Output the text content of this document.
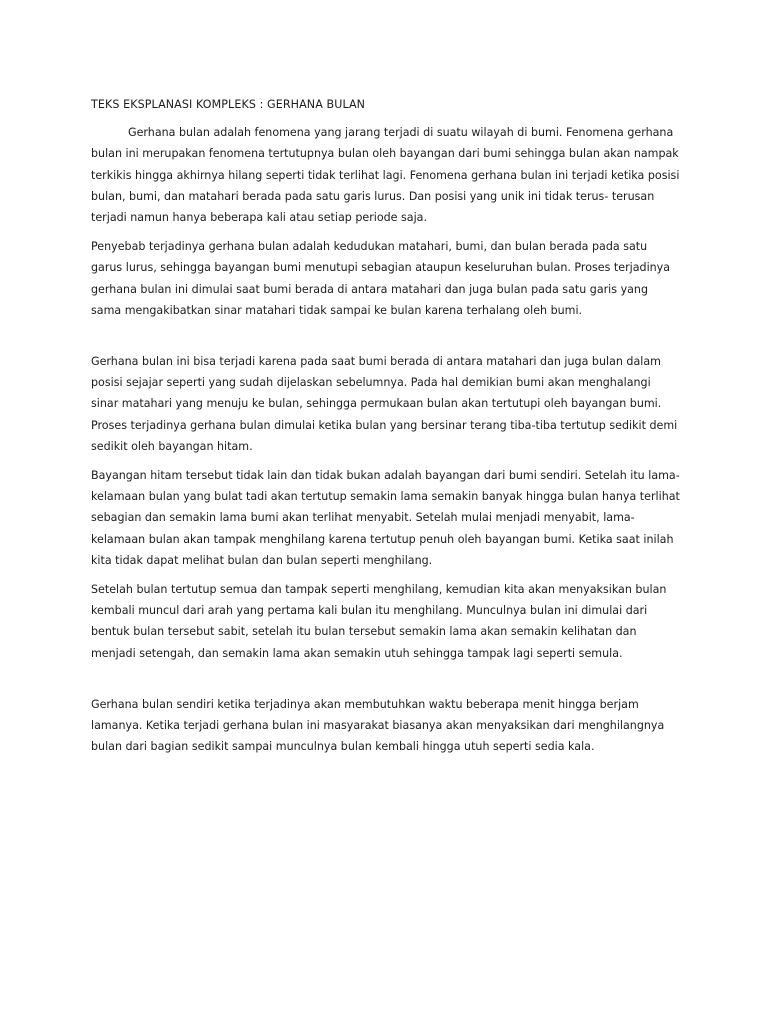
TEKS EKSPLANASI KOMPLEKS : GERHANA BULAN

Gerhana bulan adalah fenomena yang jarang terjadi di suatu wilayah di bumi. Fenomena gerhana bulan ini merupakan fenomena tertutupnya bulan oleh bayangan dari bumi sehingga bulan akan nampak terkikis hingga akhirnya hilang seperti tidak terlihat lagi. Fenomena gerhana bulan ini terjadi ketika posisi bulan, bumi, dan matahari berada pada satu garis lurus. Dan posisi yang unik ini tidak terus- terusan terjadi namun hanya beberapa kali atau setiap periode saja.

Penyebab terjadinya gerhana bulan adalah kedudukan matahari, bumi, dan bulan berada pada satu garus lurus, sehingga bayangan bumi menutupi sebagian ataupun keseluruhan bulan. Proses terjadinya gerhana bulan ini dimulai saat bumi berada di antara matahari dan juga bulan pada satu garis yang sama mengakibatkan sinar matahari tidak sampai ke bulan karena terhalang oleh bumi.

Gerhana bulan ini bisa terjadi karena pada saat bumi berada di antara matahari dan juga bulan dalam posisi sejajar seperti yang sudah dijelaskan sebelumnya. Pada hal demikian bumi akan menghalangi sinar matahari yang menuju ke bulan, sehingga permukaan bulan akan tertutupi oleh bayangan bumi. Proses terjadinya gerhana bulan dimulai ketika bulan yang bersinar terang tiba-tiba tertutup sedikit demi sedikit oleh bayangan hitam.

Bayangan hitam tersebut tidak lain dan tidak bukan adalah bayangan dari bumi sendiri. Setelah itu lama-kelamaan bulan yang bulat tadi akan tertutup semakin lama semakin banyak hingga bulan hanya terlihat sebagian dan semakin lama bumi akan terlihat menyabit. Setelah mulai menjadi menyabit, lama-kelamaan bulan akan tampak menghilang karena tertutup penuh oleh bayangan bumi. Ketika saat inilah kita tidak dapat melihat bulan dan bulan seperti menghilang.

Setelah bulan tertutup semua dan tampak seperti menghilang, kemudian kita akan menyaksikan bulan kembali muncul dari arah yang pertama kali bulan itu menghilang. Munculnya bulan ini dimulai dari bentuk bulan tersebut sabit, setelah itu bulan tersebut semakin lama akan semakin kelihatan dan menjadi setengah, dan semakin lama akan semakin utuh sehingga tampak lagi seperti semula.

Gerhana bulan sendiri ketika terjadinya akan membutuhkan waktu beberapa menit hingga berjam lamanya. Ketika terjadi gerhana bulan ini masyarakat biasanya akan menyaksikan dari menghilangnya bulan dari bagian sedikit sampai munculnya bulan kembali hingga utuh seperti sedia kala.
